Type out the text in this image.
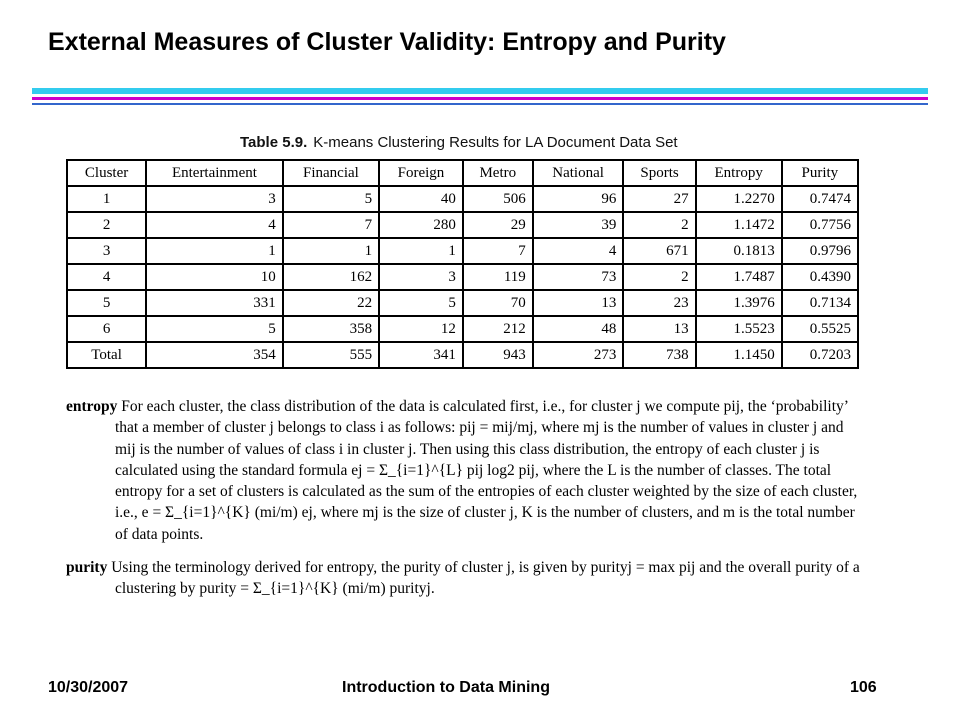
External Measures of Cluster Validity: Entropy and Purity
Table 5.9. K-means Clustering Results for LA Document Data Set
Cluster	Entertainment	Financial	Foreign	Metro	National	Sports	Entropy	Purity
1	3	5	40	506	96	27	1.2270	0.7474
2	4	7	280	29	39	2	1.1472	0.7756
3	1	1	1	7	4	671	0.1813	0.9796
4	10	162	3	119	73	2	1.7487	0.4390
5	331	22	5	70	13	23	1.3976	0.7134
6	5	358	12	212	48	13	1.5523	0.5525
Total	354	555	341	943	273	738	1.1450	0.7203
entropy For each cluster, the class distribution of the data is calculated first, i.e., for cluster j we compute pij, the ‘probability’ that a member of cluster j belongs to class i as follows: pij = mij/mj, where mj is the number of values in cluster j and mij is the number of values of class i in cluster j. Then using this class distribution, the entropy of each cluster j is calculated using the standard formula ej = Σ_{i=1}^{L} pij log2 pij, where the L is the number of classes. The total entropy for a set of clusters is calculated as the sum of the entropies of each cluster weighted by the size of each cluster, i.e., e = Σ_{i=1}^{K} (mi/m) ej, where mj is the size of cluster j, K is the number of clusters, and m is the total number of data points.
purity Using the terminology derived for entropy, the purity of cluster j, is given by purityj = max pij and the overall purity of a clustering by purity = Σ_{i=1}^{K} (mi/m) purityj.
10/30/2007	Introduction to Data Mining	106
